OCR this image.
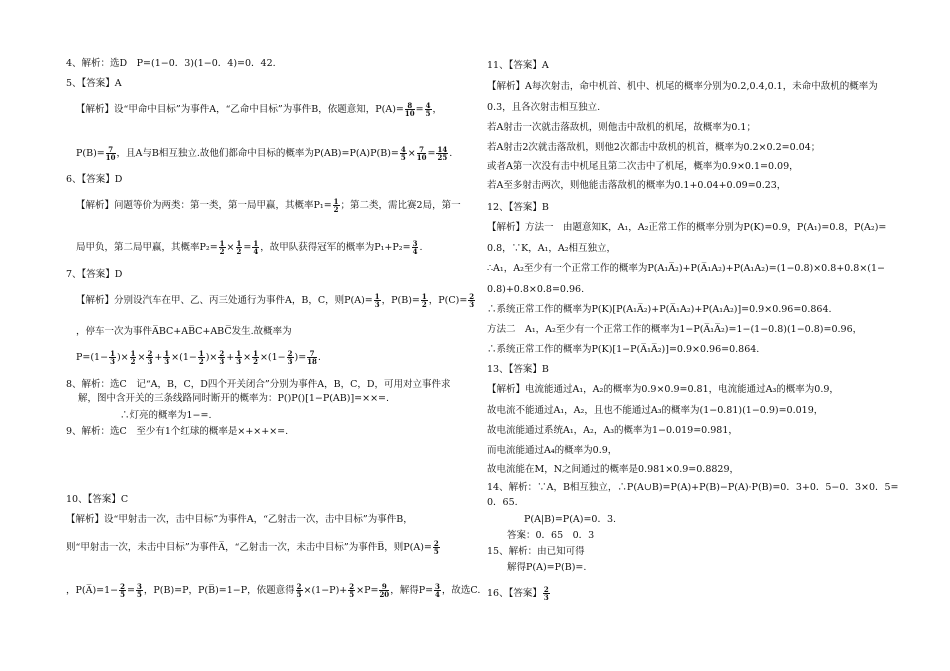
4、解析：选D　P=(1−0．3)(1−0．4)=0．42.
5、【答案】A
【解析】设“甲命中目标”为事件A，“乙命中目标”为事件B，依题意知，$P(A)= \frac{8}{10} = \frac{4}{5}$ ，
$P(B)= \frac{7}{10}$ ，且A与B相互独立.故他们都命中目标的概率为$P(AB)=P(A)P(B)= \frac{4}{5} \times \frac{7}{10} = \frac{14}{25}$ .
6、【答案】D
【解析】问题等价为两类：第一类，第一局甲赢，其概率$P_1= \frac{1}{2}$ ；第二类，需比赛2局，第一
局甲负，第二局甲赢，其概率$P_2= \frac{1}{2} \times \frac{1}{2} = \frac{1}{4}$ ，故甲队获得冠军的概率为$P_1+P_2= \frac{3}{4}$ .
7、【答案】D
【解析】分别设汽车在甲、乙、丙三处通行为事件A，B，C，则$P(A)= \frac{1}{3}$ ，$P(B)= \frac{1}{2}$ ，$P(C)= \frac{2}{3}$
，停车一次为事件A̅BC+AB̅C+ABC̅发生.故概率为
$P=(1- \frac{1}{3}$ )× $\frac{1}{2} \times \frac{2}{3} + \frac{1}{3} \times(1- \frac{1}{2}$ )× $\frac{2}{3} + \frac{1}{3} \times \frac{1}{2} \times(1- \frac{2}{3}$ )= $\frac{7}{18}$ .
8、解析：选C　记“A，B，C，D四个开关闭合”分别为事件A，B，C，D，可用对立事件求
解，图中含开关的三条线路同时断开的概率为：P()P()[1−P(AB)]=××=.
∴灯亮的概率为1−=.
9、解析：选C　至少有1个红球的概率是×+×+×=.
10、【答案】C
【解析】设“甲射击一次，击中目标”为事件A，“乙射击一次，击中目标”为事件B，
则“甲射击一次，未击中目标”为事件A̅，“乙射击一次，未击中目标”为事件B̅，则$P(A)= \frac{2}{5}$
，P(A̅)=1− $\frac{2}{5} = \frac{3}{5}$ ，P(B)=P，P(B̅)=1−P，依题意得 $\frac{2}{5} \times(1-P)+ \frac{2}{5} \times P= \frac{9}{20}$ ，解得$P= \frac{3}{4}$ ，故选C.
11、【答案】A
【解析】A每次射击，命中机首、机中、机尾的概率分别为0.2,0.4,0.1，未命中敌机的概率为
0.3，且各次射击相互独立.
若A射击一次就击落敌机，则他击中敌机的机尾，故概率为0.1；
若A射击2次就击落敌机，则他2次都击中敌机的机首，概率为0.2×0.2=0.04；
或者A第一次没有击中机尾且第二次击中了机尾，概率为0.9×0.1=0.09，
若A至多射击两次，则他能击落敌机的概率为0.1+0.04+0.09=0.23，
12、【答案】B
【解析】方法一　由题意知K，A₁，A₂正常工作的概率分别为P(K)=0.9，P(A₁)=0.8，P(A₂)=
0.8，∵K，A₁，A₂相互独立，
∴A₁，A₂至少有一个正常工作的概率为P(A₁A̅₂)+P(A̅₁A₂)+P(A₁A₂)=(1−0.8)×0.8+0.8×(1−
0.8)+0.8×0.8=0.96.
∴系统正常工作的概率为P(K)[P(A₁A̅₂)+P(A̅₁A₂)+P(A₁A₂)]=0.9×0.96=0.864.
方法二　A₁，A₂至少有一个正常工作的概率为1−P(A̅₁A̅₂)=1−(1−0.8)(1−0.8)=0.96，
∴系统正常工作的概率为P(K)[1−P(A̅₁A̅₂)]=0.9×0.96=0.864.
13、【答案】B
【解析】电流能通过A₁，A₂的概率为0.9×0.9=0.81，电流能通过A₃的概率为0.9，
故电流不能通过A₁，A₂，且也不能通过A₃的概率为(1−0.81)(1−0.9)=0.019，
故电流能通过系统A₁，A₂，A₃的概率为1−0.019=0.981，
而电流能通过A₄的概率为0.9，
故电流能在M，N之间通过的概率是0.981×0.9=0.8829，
14、解析：∵A，B相互独立，∴P(A∪B)=P(A)+P(B)−P(A)·P(B)=0．3+0．5−0．3×0．5=
0．65.
P(A|B)=P(A)=0．3.
答案：0．65　0．3
15、解析：由已知可得
解得P(A)=P(B)=.
16、【答案】 $\frac{2}{3}$
